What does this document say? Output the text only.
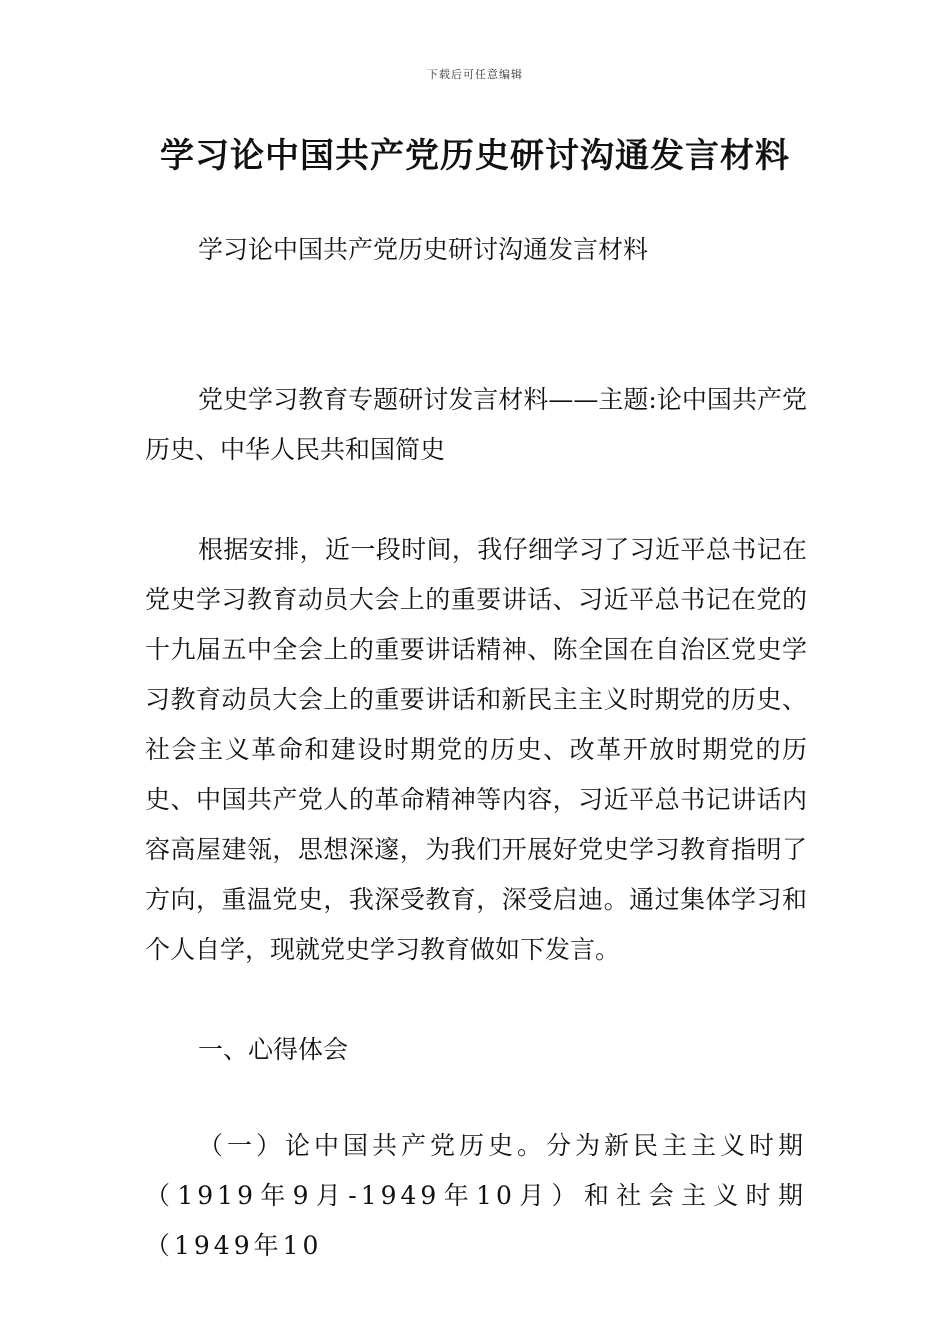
下载后可任意编辑
学习论中国共产党历史研讨沟通发言材料

学习论中国共产党历史研讨沟通发言材料

党史学习教育专题研讨发言材料——主题:论中国共产党历史、中华人民共和国简史

根据安排，近一段时间，我仔细学习了习近平总书记在党史学习教育动员大会上的重要讲话、习近平总书记在党的十九届五中全会上的重要讲话精神、陈全国在自治区党史学习教育动员大会上的重要讲话和新民主主义时期党的历史、社会主义革命和建设时期党的历史、改革开放时期党的历史、中国共产党人的革命精神等内容，习近平总书记讲话内容高屋建瓴，思想深邃，为我们开展好党史学习教育指明了方向，重温党史，我深受教育，深受启迪。通过集体学习和个人自学，现就党史学习教育做如下发言。

一、心得体会

（一）论中国共产党历史。分为新民主主义时期（1919年9月-1949年10月）和社会主义时期（1949年10
